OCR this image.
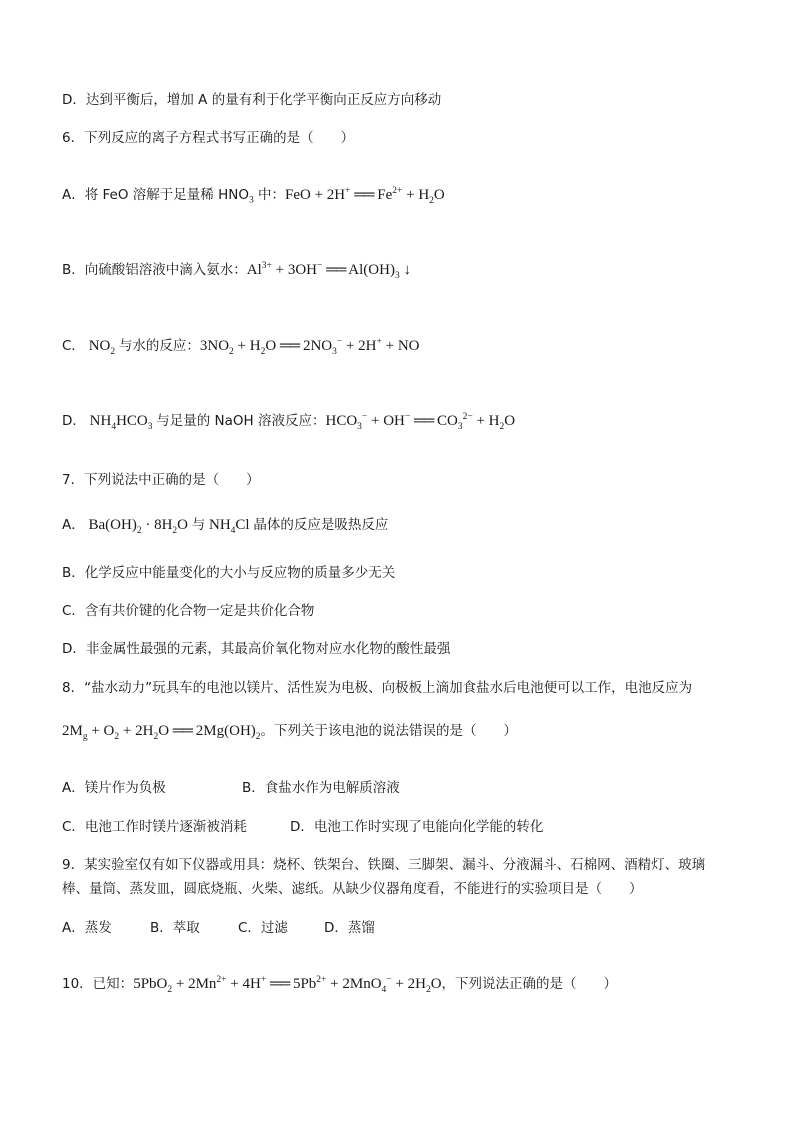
D．达到平衡后，增加 A 的量有利于化学平衡向正反应方向移动
6．下列反应的离子方程式书写正确的是（　　）
A．将 FeO 溶解于足量稀 $HNO_3$ 中：FeO + 2H+ ══ $Fe^{2+} + H_2O$
B．向硫酸铝溶液中滴入氨水：$Al^{3+} + 3OH^-$ ══ $Al(OH)_3$ ↓
C． $NO_2$ 与水的反应：$3NO_2 + H_2O$ ══ $2NO_3^- + 2H^+$ + NO
D． $NH_4HCO_3$ 与足量的 NaOH 溶液反应：$HCO_3^- + OH^-$ ══ $CO_3^{2-} + H_2O$
7．下列说法中正确的是（　　）
A． $Ba(OH)_2 \cdot 8H_2O$ 与 $NH_4Cl$ 晶体的反应是吸热反应
B．化学反应中能量变化的大小与反应物的质量多少无关
C．含有共价键的化合物一定是共价化合物
D．非金属性最强的元素，其最高价氧化物对应水化物的酸性最强
8．“盐水动力”玩具车的电池以镁片、活性炭为电极、向极板上滴加食盐水后电池便可以工作，电池反应为
$2M_g + O_2 + 2H_2O$ ══ $2Mg(OH)_2$。下列关于该电池的说法错误的是（　　）
A．镁片作为负极	B．食盐水作为电解质溶液
C．电池工作时镁片逐渐被消耗	D．电池工作时实现了电能向化学能的转化
9．某实验室仅有如下仪器或用具：烧杯、铁架台、铁圈、三脚架、漏斗、分液漏斗、石棉网、酒精灯、玻璃
棒、量筒、蒸发皿，圆底烧瓶、火柴、滤纸。从缺少仪器角度看，不能进行的实验项目是（　　）
A．蒸发	B．萃取	C．过滤	D．蒸馏
10．已知：$5PbO_2 + 2Mn^{2+} + 4H^+$ ══ $5Pb^{2+} + 2MnO_4^- + 2H_2O$，下列说法正确的是（　　）
